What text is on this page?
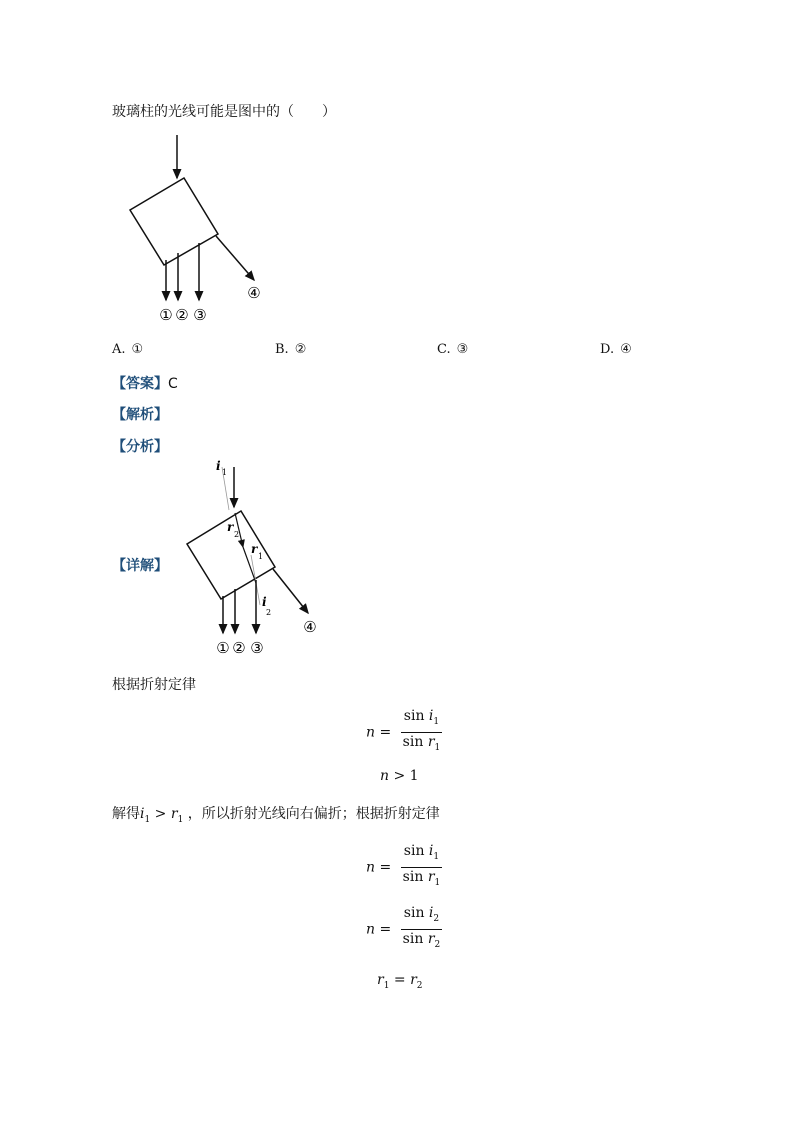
玻璃柱的光线可能是图中的（　　）
① ② ③
④
A. ①	B. ②	C. ③	D. ④
【答案】C
【解析】
【分析】
【详解】
i 1
r
2
r
1
i
2
① ② ③
④
根据折射定律
$n = \frac{\sin i_1}{\sin r_1}$
n > 1
解得$i_1 > r_1$ ，所以折射光线向右偏折；根据折射定律
$n = \frac{\sin i_1}{\sin r_1}$
$n = \frac{\sin i_2}{\sin r_2}$
$r_1 = r_2$
